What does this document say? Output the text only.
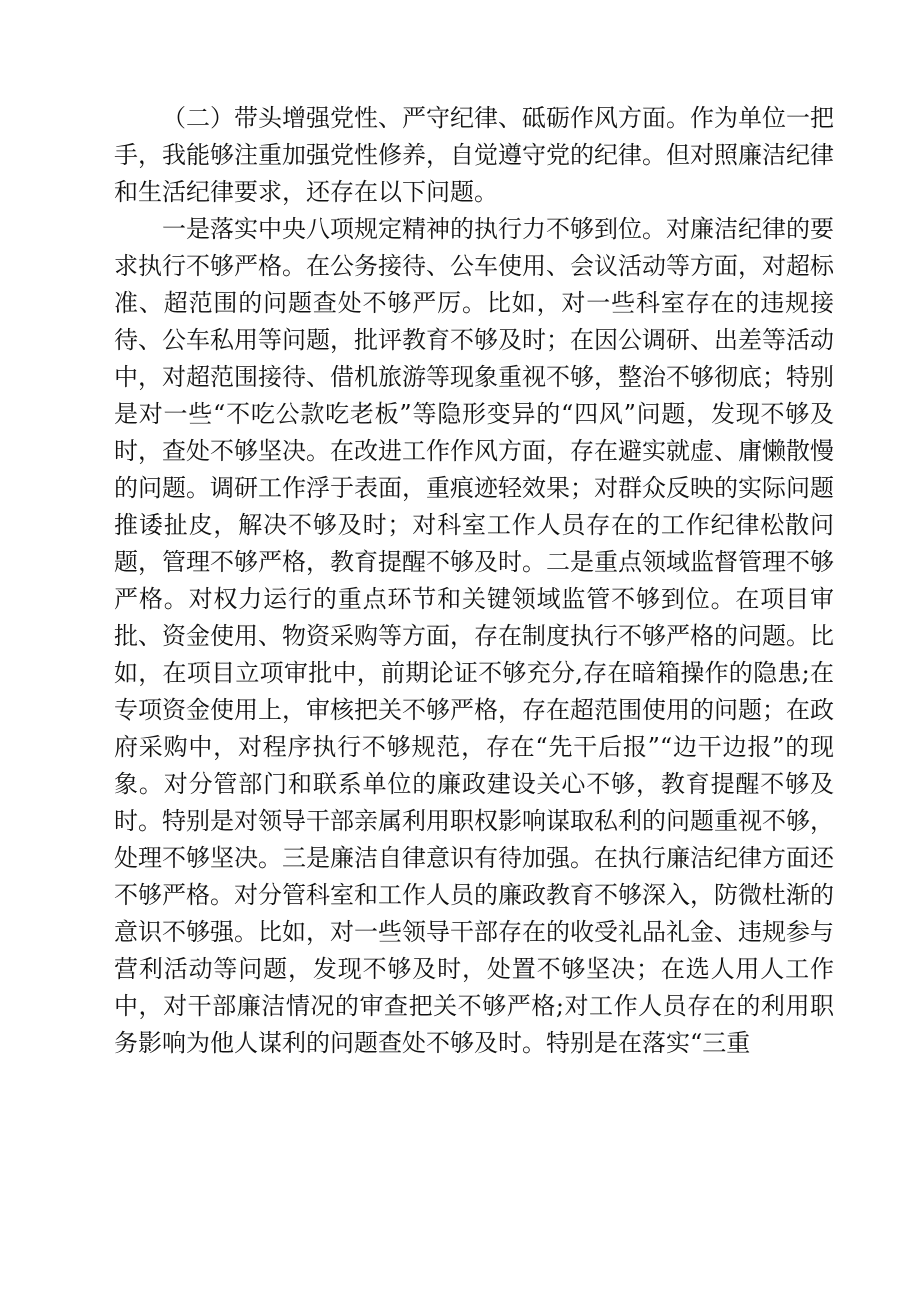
（二）带头增强党性、严守纪律、砥砺作风方面。作为单位一把手，我能够注重加强党性修养，自觉遵守党的纪律。但对照廉洁纪律和生活纪律要求，还存在以下问题。

一是落实中央八项规定精神的执行力不够到位。对廉洁纪律的要求执行不够严格。在公务接待、公车使用、会议活动等方面，对超标准、超范围的问题查处不够严厉。比如，对一些科室存在的违规接待、公车私用等问题，批评教育不够及时；在因公调研、出差等活动中，对超范围接待、借机旅游等现象重视不够，整治不够彻底；特别是对一些“不吃公款吃老板”等隐形变异的“四风”问题，发现不够及时，查处不够坚决。在改进工作作风方面，存在避实就虚、庸懒散慢的问题。调研工作浮于表面，重痕迹轻效果；对群众反映的实际问题推诿扯皮，解决不够及时；对科室工作人员存在的工作纪律松散问题，管理不够严格，教育提醒不够及时。二是重点领域监督管理不够严格。对权力运行的重点环节和关键领域监管不够到位。在项目审批、资金使用、物资采购等方面，存在制度执行不够严格的问题。比如，在项目立项审批中，前期论证不够充分,存在暗箱操作的隐患;在专项资金使用上，审核把关不够严格，存在超范围使用的问题；在政府采购中，对程序执行不够规范，存在“先干后报”“边干边报”的现象。对分管部门和联系单位的廉政建设关心不够，教育提醒不够及时。特别是对领导干部亲属利用职权影响谋取私利的问题重视不够，处理不够坚决。三是廉洁自律意识有待加强。在执行廉洁纪律方面还不够严格。对分管科室和工作人员的廉政教育不够深入，防微杜渐的意识不够强。比如，对一些领导干部存在的收受礼品礼金、违规参与营利活动等问题，发现不够及时，处置不够坚决；在选人用人工作中，对干部廉洁情况的审查把关不够严格;对工作人员存在的利用职务影响为他人谋利的问题查处不够及时。特别是在落实“三重
